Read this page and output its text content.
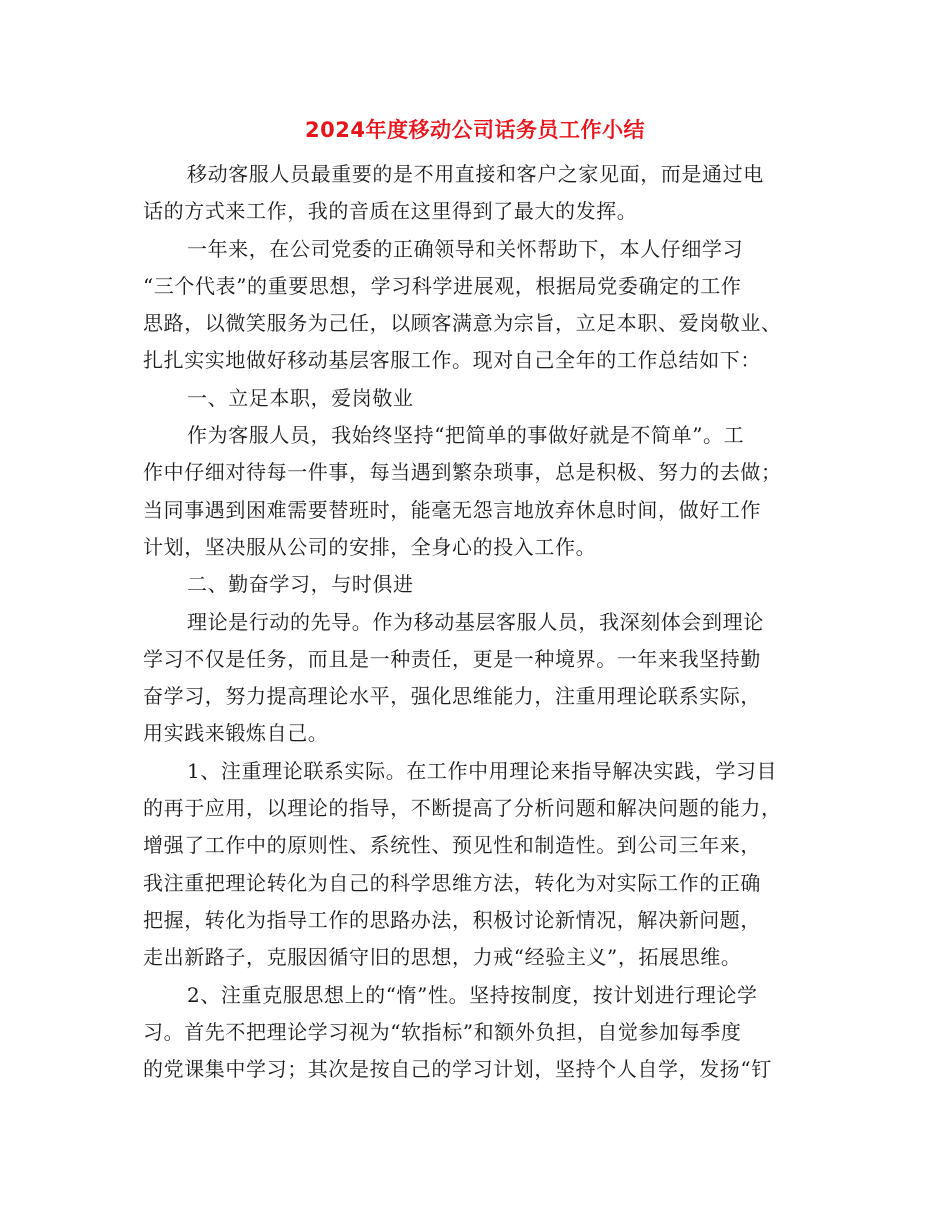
2024年度移动公司话务员工作小结
移动客服人员最重要的是不用直接和客户之家见面，而是通过电
话的方式来工作，我的音质在这里得到了最大的发挥。
一年来，在公司党委的正确领导和关怀帮助下，本人仔细学习
“三个代表”的重要思想，学习科学进展观，根据局党委确定的工作
思路，以微笑服务为己任，以顾客满意为宗旨，立足本职、爱岗敬业、
扎扎实实地做好移动基层客服工作。现对自己全年的工作总结如下：
一、立足本职，爱岗敬业
作为客服人员，我始终坚持“把简单的事做好就是不简单”。工
作中仔细对待每一件事，每当遇到繁杂琐事，总是积极、努力的去做；
当同事遇到困难需要替班时，能毫无怨言地放弃休息时间，做好工作
计划，坚决服从公司的安排，全身心的投入工作。
二、勤奋学习，与时俱进
理论是行动的先导。作为移动基层客服人员，我深刻体会到理论
学习不仅是任务，而且是一种责任，更是一种境界。一年来我坚持勤
奋学习，努力提高理论水平，强化思维能力，注重用理论联系实际，
用实践来锻炼自己。
1、注重理论联系实际。在工作中用理论来指导解决实践，学习目
的再于应用，以理论的指导，不断提高了分析问题和解决问题的能力，
增强了工作中的原则性、系统性、预见性和制造性。到公司三年来，
我注重把理论转化为自己的科学思维方法，转化为对实际工作的正确
把握，转化为指导工作的思路办法，积极讨论新情况，解决新问题，
走出新路子，克服因循守旧的思想，力戒“经验主义”，拓展思维。
2、注重克服思想上的“惰”性。坚持按制度，按计划进行理论学
习。首先不把理论学习视为“软指标”和额外负担，自觉参加每季度
的党课集中学习；其次是按自己的学习计划，坚持个人自学，发扬“钉
